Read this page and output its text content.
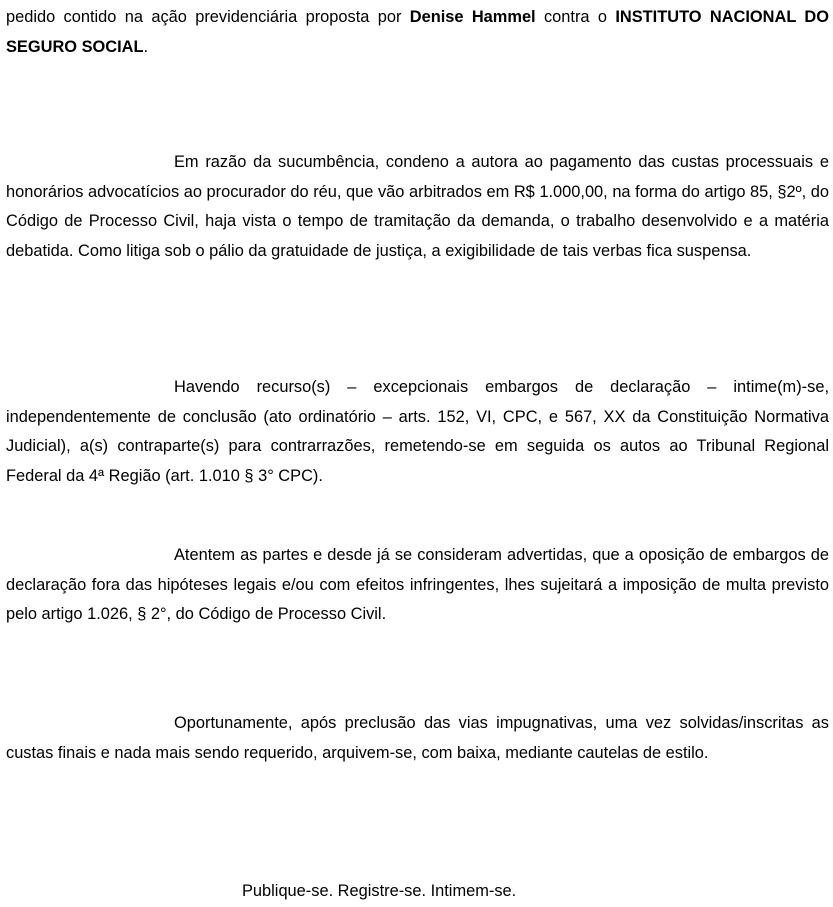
pedido contido na ação previdenciária proposta por Denise Hammel contra o INSTITUTO NACIONAL DO SEGURO SOCIAL.

Em razão da sucumbência, condeno a autora ao pagamento das custas processuais e honorários advocatícios ao procurador do réu, que vão arbitrados em R$ 1.000,00, na forma do artigo 85, §2º, do Código de Processo Civil, haja vista o tempo de tramitação da demanda, o trabalho desenvolvido e a matéria debatida. Como litiga sob o pálio da gratuidade de justiça, a exigibilidade de tais verbas fica suspensa.

Havendo recurso(s) – excepcionais embargos de declaração – intime(m)-se, independentemente de conclusão (ato ordinatório – arts. 152, VI, CPC, e 567, XX da Constituição Normativa Judicial), a(s) contraparte(s) para contrarrazões, remetendo-se em seguida os autos ao Tribunal Regional Federal da 4ª Região (art. 1.010 § 3° CPC).

Atentem as partes e desde já se consideram advertidas, que a oposição de embargos de declaração fora das hipóteses legais e/ou com efeitos infringentes, lhes sujeitará a imposição de multa previsto pelo artigo 1.026, § 2°, do Código de Processo Civil.

Oportunamente, após preclusão das vias impugnativas, uma vez solvidas/inscritas as custas finais e nada mais sendo requerido, arquivem-se, com baixa, mediante cautelas de estilo.

Publique-se. Registre-se. Intimem-se.
